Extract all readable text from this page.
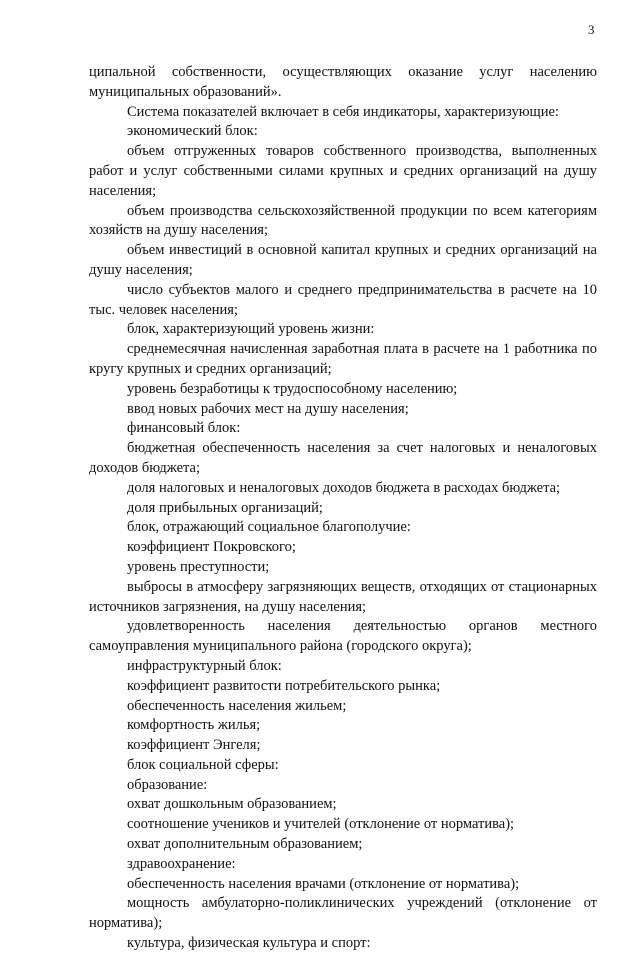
3

ципальной собственности, осуществляющих оказание услуг населению муниципальных образований».

Система показателей включает в себя индикаторы, характеризующие:

экономический блок:

объем отгруженных товаров собственного производства, выполненных работ и услуг собственными силами крупных и средних организаций на душу населения;

объем производства сельскохозяйственной продукции по всем категориям хозяйств на душу населения;

объем инвестиций в основной капитал крупных и средних организаций на душу населения;

число субъектов малого и среднего предпринимательства в расчете на 10 тыс. человек населения;

блок, характеризующий уровень жизни:

среднемесячная начисленная заработная плата в расчете на 1 работника по кругу крупных и средних организаций;

уровень безработицы к трудоспособному населению;

ввод новых рабочих мест на душу населения;

финансовый блок:

бюджетная обеспеченность населения за счет налоговых и неналоговых доходов бюджета;

доля налоговых и неналоговых доходов бюджета в расходах бюджета;

доля прибыльных организаций;

блок, отражающий социальное благополучие:

коэффициент Покровского;

уровень преступности;

выбросы в атмосферу загрязняющих веществ, отходящих от стационарных источников загрязнения, на душу населения;

удовлетворенность населения деятельностью органов местного самоуправления муниципального района (городского округа);

инфраструктурный блок:

коэффициент развитости потребительского рынка;

обеспеченность населения жильем;

комфортность жилья;

коэффициент Энгеля;

блок социальной сферы:

образование:

охват дошкольным образованием;

соотношение учеников и учителей (отклонение от норматива);

охват дополнительным образованием;

здравоохранение:

обеспеченность населения врачами (отклонение от норматива);

мощность амбулаторно-поликлинических учреждений (отклонение от норматива);

культура, физическая культура и спорт:
